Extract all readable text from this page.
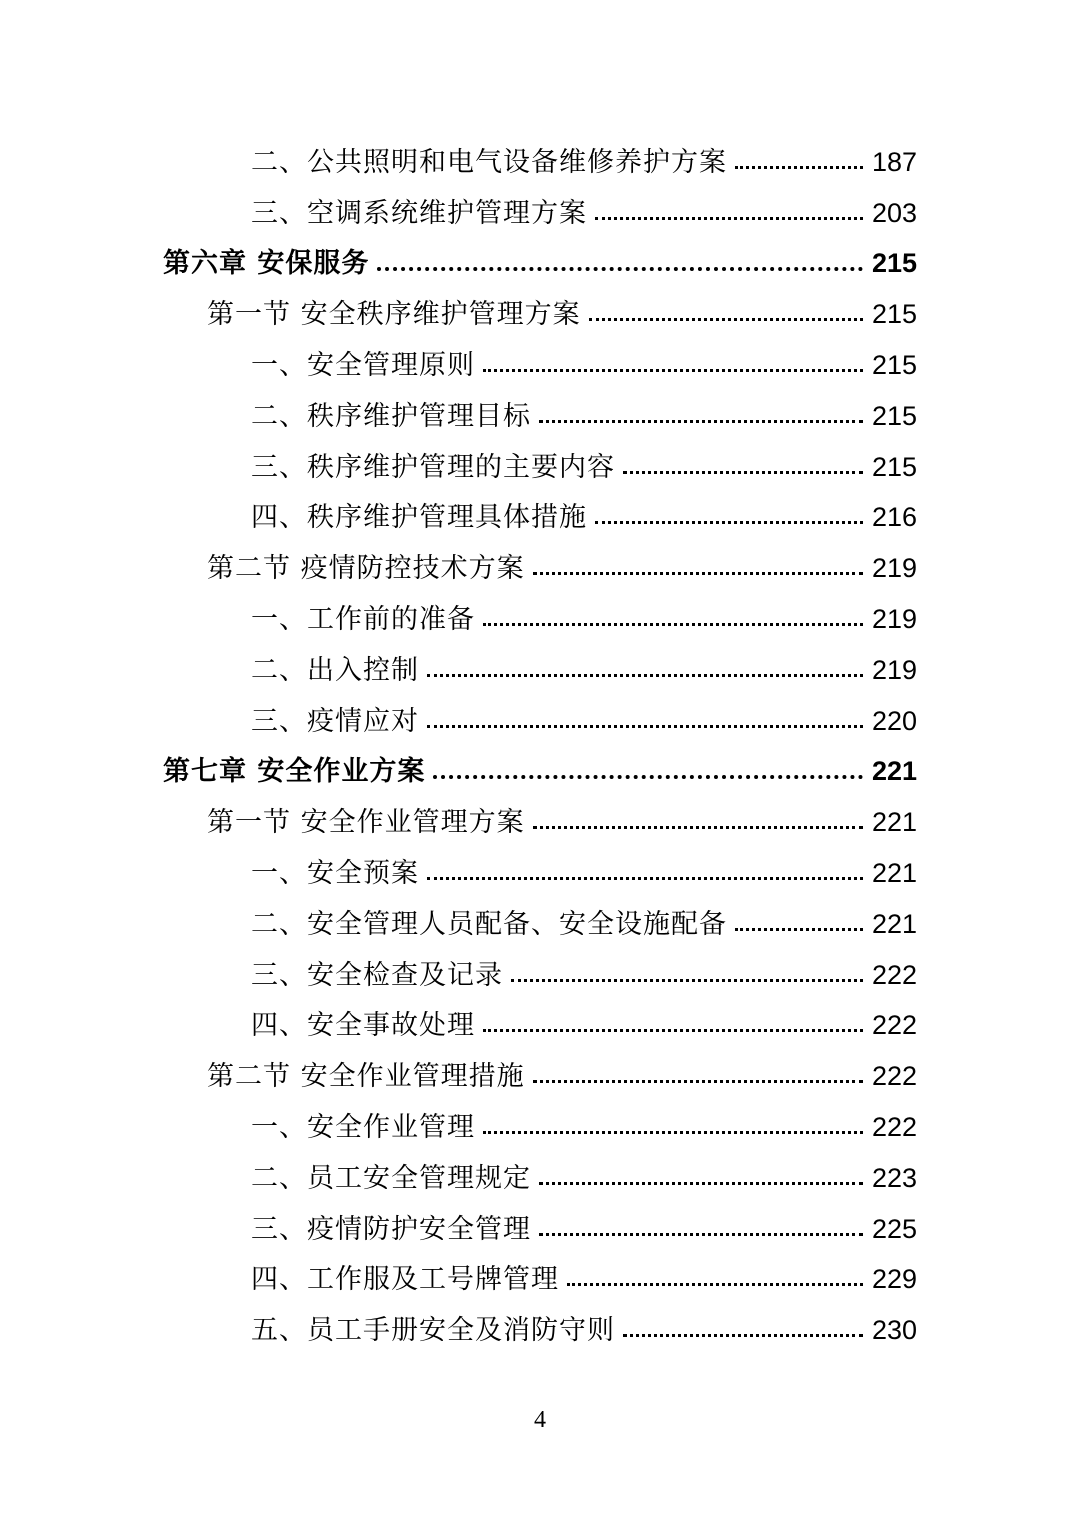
二、公共照明和电气设备维修养护方案	187
三、空调系统维护管理方案	203
第六章 安保服务	215
第一节 安全秩序维护管理方案	215
一、安全管理原则	215
二、秩序维护管理目标	215
三、秩序维护管理的主要内容	215
四、秩序维护管理具体措施	216
第二节 疫情防控技术方案	219
一、工作前的准备	219
二、出入控制	219
三、疫情应对	220
第七章 安全作业方案	221
第一节 安全作业管理方案	221
一、安全预案	221
二、安全管理人员配备、安全设施配备	221
三、安全检查及记录	222
四、安全事故处理	222
第二节 安全作业管理措施	222
一、安全作业管理	222
二、员工安全管理规定	223
三、疫情防护安全管理	225
四、工作服及工号牌管理	229
五、员工手册安全及消防守则	230
4
